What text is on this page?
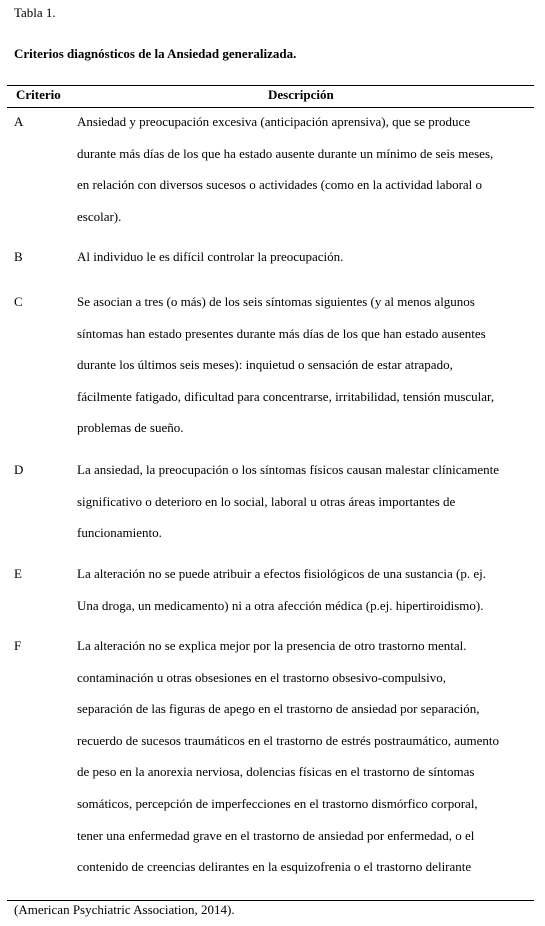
Tabla 1.
Criterios diagnósticos de la Ansiedad generalizada.
Criterio	Descripción
A	Ansiedad y preocupación excesiva (anticipación aprensiva), que se produce
durante más días de los que ha estado ausente durante un mínimo de seis meses,
en relación con diversos sucesos o actividades (como en la actividad laboral o
escolar).
B	Al individuo le es difícil controlar la preocupación.
C	Se asocian a tres (o más) de los seis síntomas siguientes (y al menos algunos
síntomas han estado presentes durante más días de los que han estado ausentes
durante los últimos seis meses): inquietud o sensación de estar atrapado,
fácilmente fatigado, dificultad para concentrarse, irritabilidad, tensión muscular,
problemas de sueño.
D	La ansiedad, la preocupación o los síntomas físicos causan malestar clínicamente
significativo o deterioro en lo social, laboral u otras áreas importantes de
funcionamiento.
E	La alteración no se puede atribuir a efectos fisiológicos de una sustancia (p. ej.
Una droga, un medicamento) ni a otra afección médica (p.ej. hipertiroidismo).
F	La alteración no se explica mejor por la presencia de otro trastorno mental.
contaminación u otras obsesiones en el trastorno obsesivo-compulsivo,
separación de las figuras de apego en el trastorno de ansiedad por separación,
recuerdo de sucesos traumáticos en el trastorno de estrés postraumático, aumento
de peso en la anorexia nerviosa, dolencias físicas en el trastorno de síntomas
somáticos, percepción de imperfecciones en el trastorno dismórfico corporal,
tener una enfermedad grave en el trastorno de ansiedad por enfermedad, o el
contenido de creencias delirantes en la esquizofrenia o el trastorno delirante
(American Psychiatric Association, 2014).
